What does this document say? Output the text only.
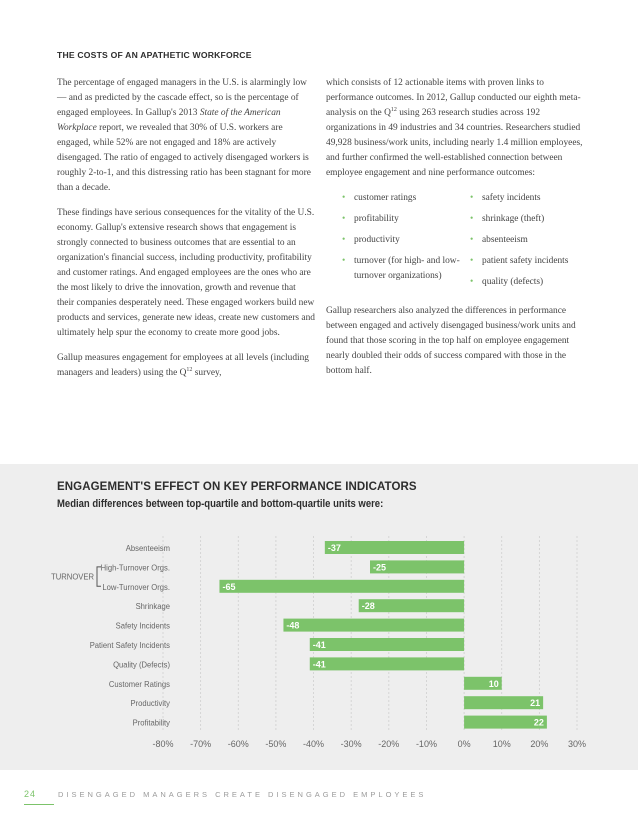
THE COSTS OF AN APATHETIC WORKFORCE

The percentage of engaged managers in the U.S. is alarmingly low — and as predicted by the cascade effect, so is the percentage of engaged employees. In Gallup's 2013 State of the American Workplace report, we revealed that 30% of U.S. workers are engaged, while 52% are not engaged and 18% are actively disengaged. The ratio of engaged to actively disengaged workers is roughly 2-to-1, and this distressing ratio has been stagnant for more than a decade.

These findings have serious consequences for the vitality of the U.S. economy. Gallup's extensive research shows that engagement is strongly connected to business outcomes that are essential to an organization's financial success, including productivity, profitability and customer ratings. And engaged employees are the ones who are the most likely to drive the innovation, growth and revenue that their companies desperately need. These engaged workers build new products and services, generate new ideas, create new customers and ultimately help spur the economy to create more good jobs.

Gallup measures engagement for employees at all levels (including managers and leaders) using the $Q^{12}$ survey,

which consists of 12 actionable items with proven links to performance outcomes. In 2012, Gallup conducted our eighth meta-analysis on the $Q^{12}$ using 263 research studies across 192 organizations in 49 industries and 34 countries. Researchers studied 49,928 business/work units, including nearly 1.4 million employees, and further confirmed the well-established connection between employee engagement and nine performance outcomes:

• customer ratings
• profitability
• productivity
• turnover (for high- and low-turnover organizations)
• safety incidents
• shrinkage (theft)
• absenteeism
• patient safety incidents
• quality (defects)

Gallup researchers also analyzed the differences in performance between engaged and actively disengaged business/work units and found that those scoring in the top half on employee engagement nearly doubled their odds of success compared with those in the bottom half.

ENGAGEMENT'S EFFECT ON KEY PERFORMANCE INDICATORS
Median differences between top-quartile and bottom-quartile units were:
-80% -70% -60% -50% -40% -30% -20% -10% 0% 10% 20% 30%
Absenteeism	-37
High-Turnover Orgs.	-25
Low-Turnover Orgs.	-65
Shrinkage	-28
Safety Incidents	-48
Patient Safety Incidents	-41
Quality (Defects)	-41
Customer Ratings	10
Productivity	21
Profitability	22
TURNOVER
24	DISENGAGED MANAGERS CREATE DISENGAGED EMPLOYEES
